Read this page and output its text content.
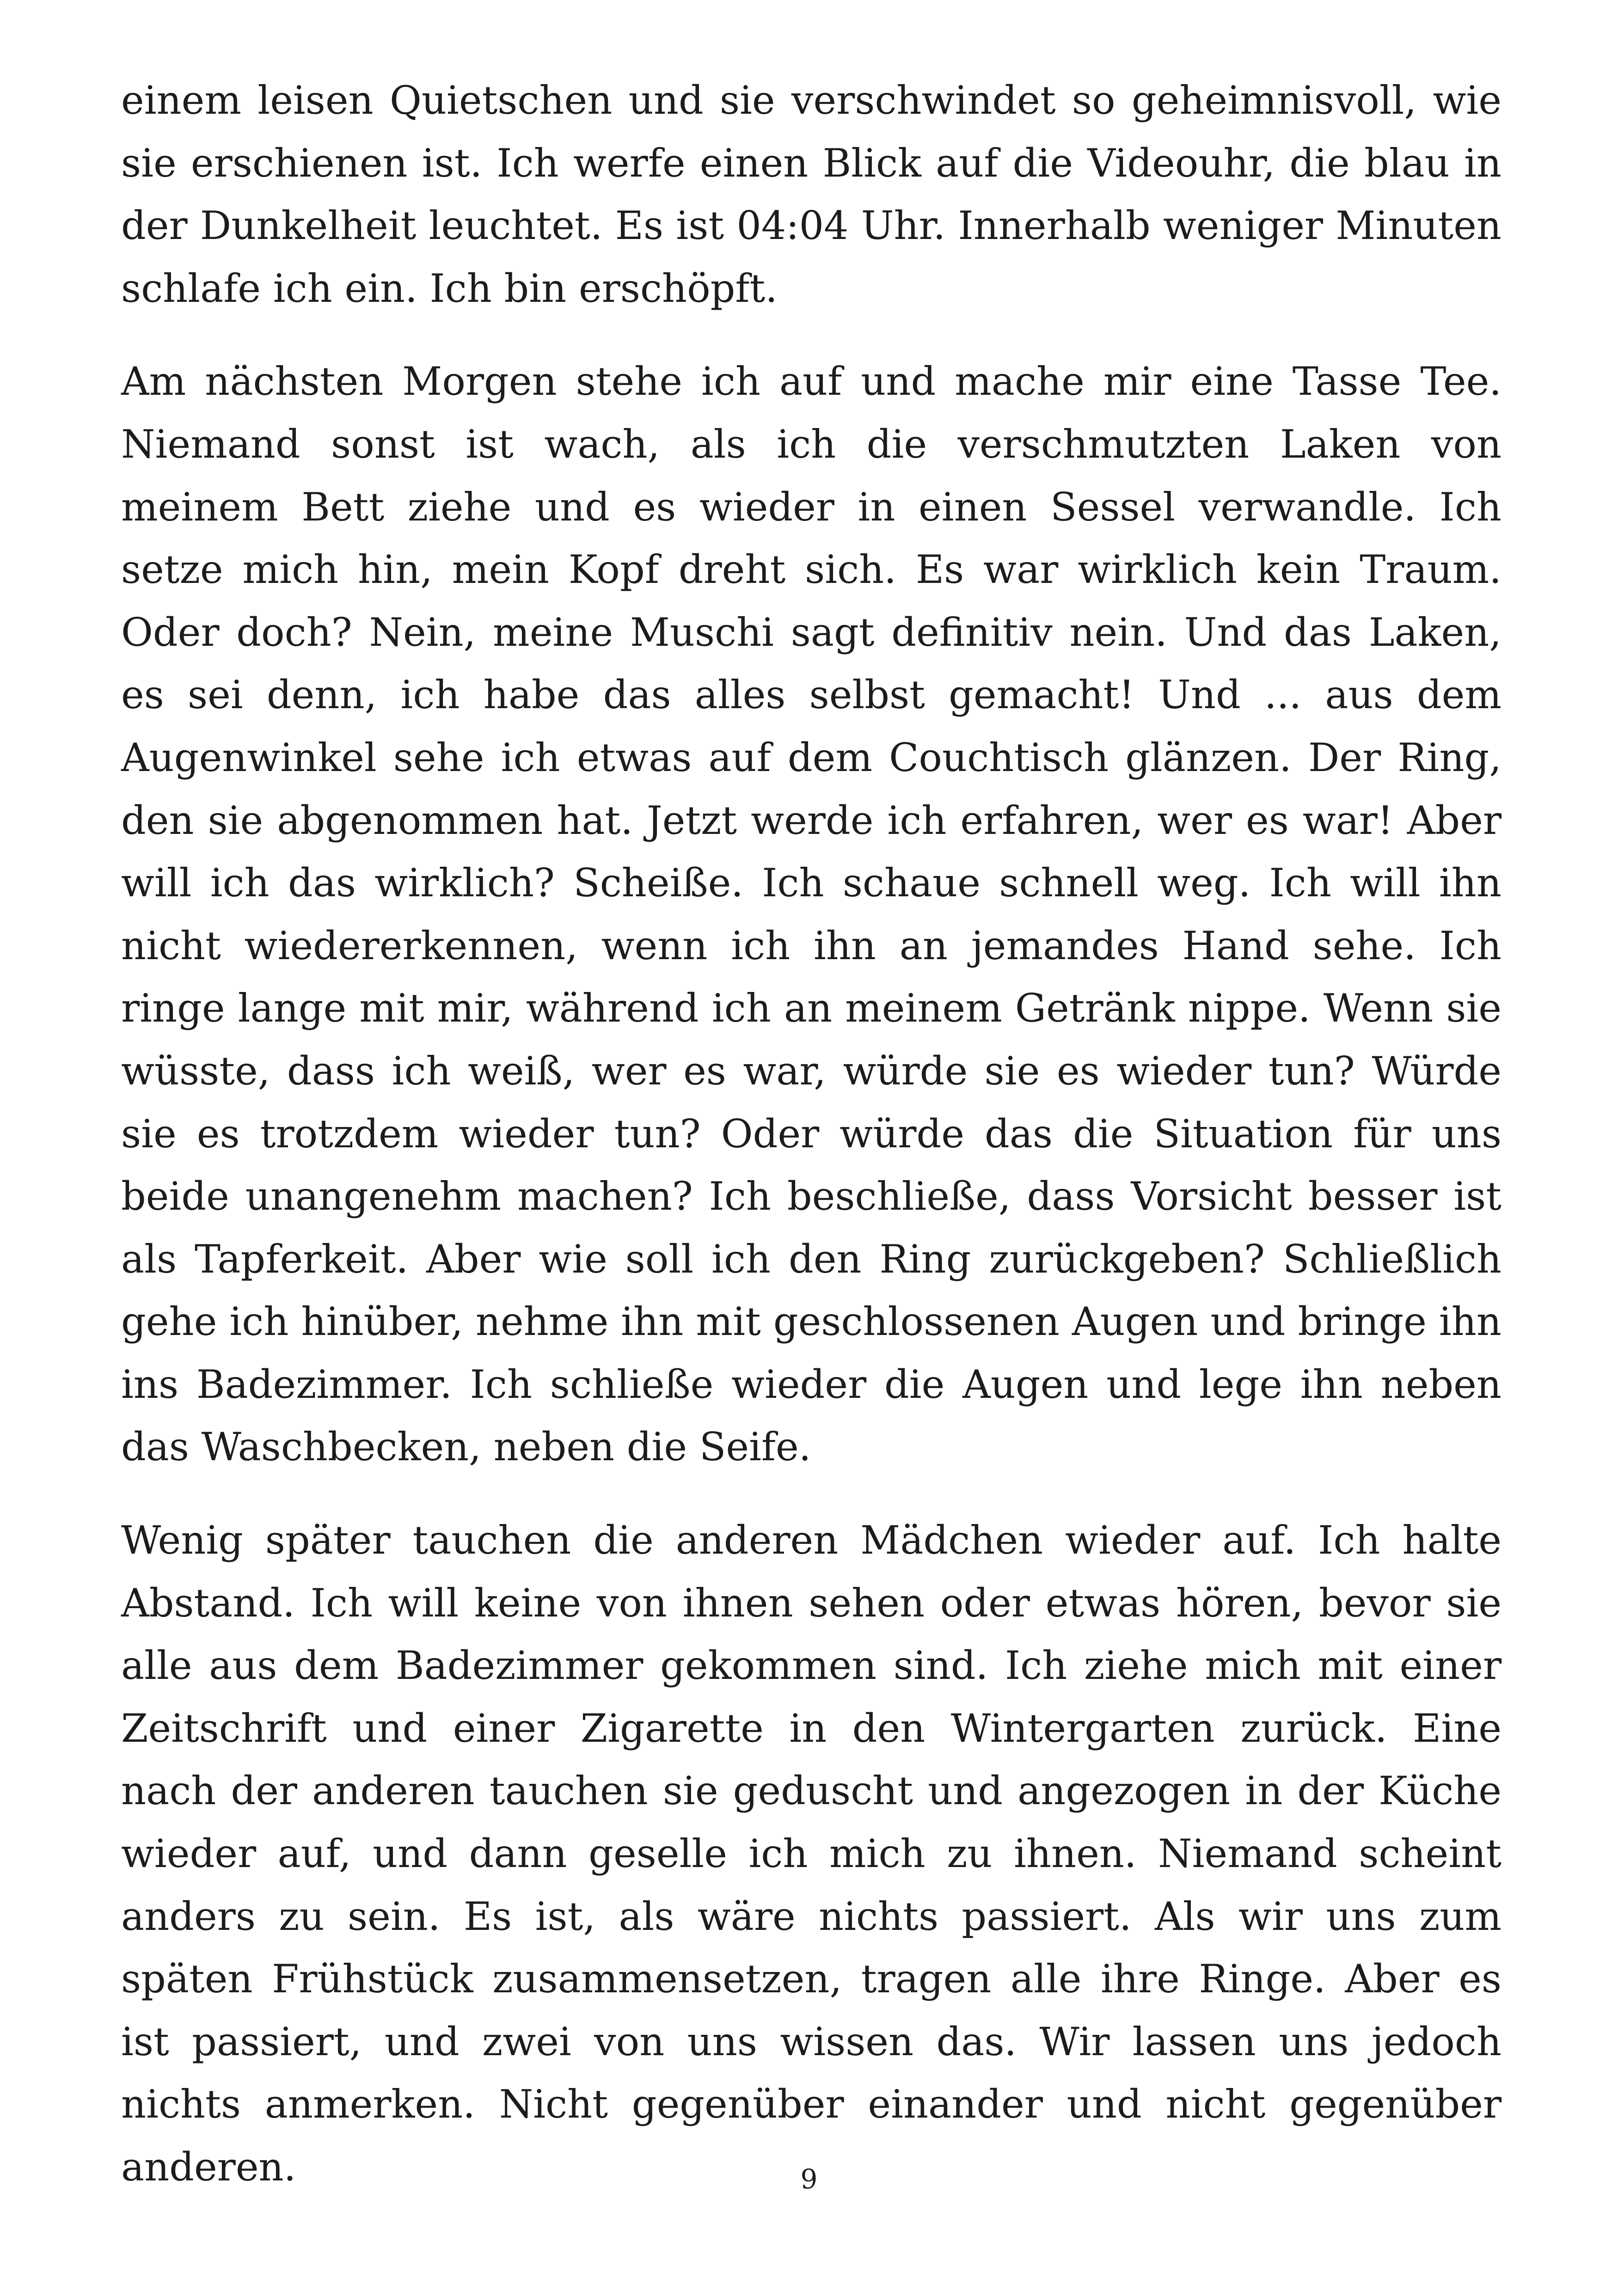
einem leisen Quietschen und sie verschwindet so geheimnisvoll, wie sie erschienen ist. Ich werfe einen Blick auf die Videouhr, die blau in der Dunkelheit leuchtet. Es ist 04:04 Uhr. Innerhalb weniger Minuten schlafe ich ein. Ich bin erschöpft.

Am nächsten Morgen stehe ich auf und mache mir eine Tasse Tee. Niemand sonst ist wach, als ich die verschmutzten Laken von meinem Bett ziehe und es wieder in einen Sessel verwandle. Ich setze mich hin, mein Kopf dreht sich. Es war wirklich kein Traum. Oder doch? Nein, meine Muschi sagt definitiv nein. Und das Laken, es sei denn, ich habe das alles selbst gemacht! Und ... aus dem Augenwinkel sehe ich etwas auf dem Couchtisch glänzen. Der Ring, den sie abgenommen hat. Jetzt werde ich erfahren, wer es war! Aber will ich das wirklich? Scheiße. Ich schaue schnell weg. Ich will ihn nicht wiedererkennen, wenn ich ihn an jemandes Hand sehe. Ich ringe lange mit mir, während ich an meinem Getränk nippe. Wenn sie wüsste, dass ich weiß, wer es war, würde sie es wieder tun? Würde sie es trotzdem wieder tun? Oder würde das die Situation für uns beide unangenehm machen? Ich beschließe, dass Vorsicht besser ist als Tapferkeit. Aber wie soll ich den Ring zurückgeben? Schließlich gehe ich hinüber, nehme ihn mit geschlossenen Augen und bringe ihn ins Badezimmer. Ich schließe wieder die Augen und lege ihn neben das Waschbecken, neben die Seife.

Wenig später tauchen die anderen Mädchen wieder auf. Ich halte Abstand. Ich will keine von ihnen sehen oder etwas hören, bevor sie alle aus dem Badezimmer gekommen sind. Ich ziehe mich mit einer Zeitschrift und einer Zigarette in den Wintergarten zurück. Eine nach der anderen tauchen sie geduscht und angezogen in der Küche wieder auf, und dann geselle ich mich zu ihnen. Niemand scheint anders zu sein. Es ist, als wäre nichts passiert. Als wir uns zum späten Frühstück zusammensetzen, tragen alle ihre Ringe. Aber es ist passiert, und zwei von uns wissen das. Wir lassen uns jedoch nichts anmerken. Nicht gegenüber einander und nicht gegenüber anderen.	9
